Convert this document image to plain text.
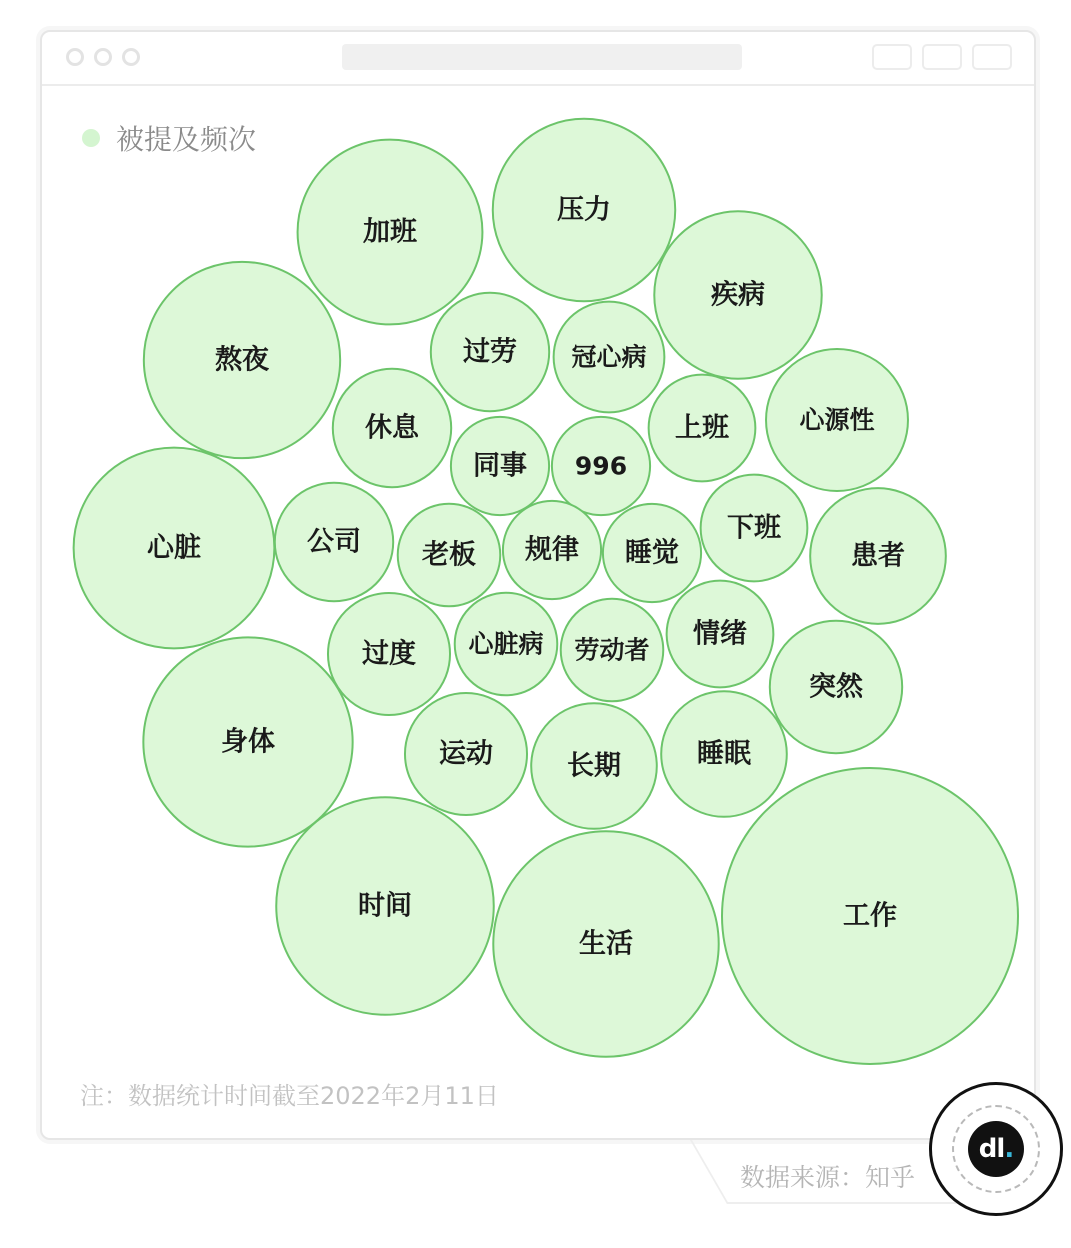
被提及频次
工作
生活
时间
身体
心脏
熬夜
加班
压力
疾病
心源性
患者
突然
睡眠
长期
运动
过度
公司
过劳
休息
冠心病
上班
下班
情绪
劳动者
老板
心脏病
同事 996
规律 睡觉
注：数据统计时间截至2022年2月11日
数据来源：知乎
dl .
